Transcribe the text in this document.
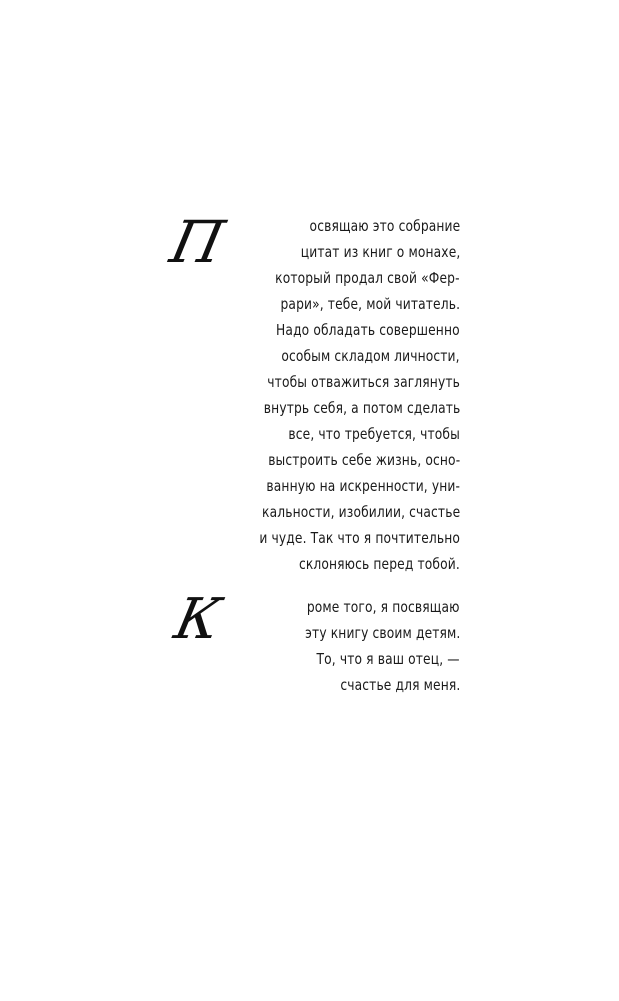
П	освящаю это собрание
цитат из книг о монахе,
который продал свой «Фер-
рари», тебе, мой читатель.
Надо обладать совершенно
особым складом личности,
чтобы отважиться заглянуть
внутрь себя, а потом сделать
все, что требуется, чтобы
выстроить себе жизнь, осно-
ванную на искренности, уни-
кальности, изобилии, счастье
и чуде. Так что я почтительно
склоняюсь перед тобой.
К	роме того, я посвящаю
эту книгу своим детям.
То, что я ваш отец, —
счастье для меня.
